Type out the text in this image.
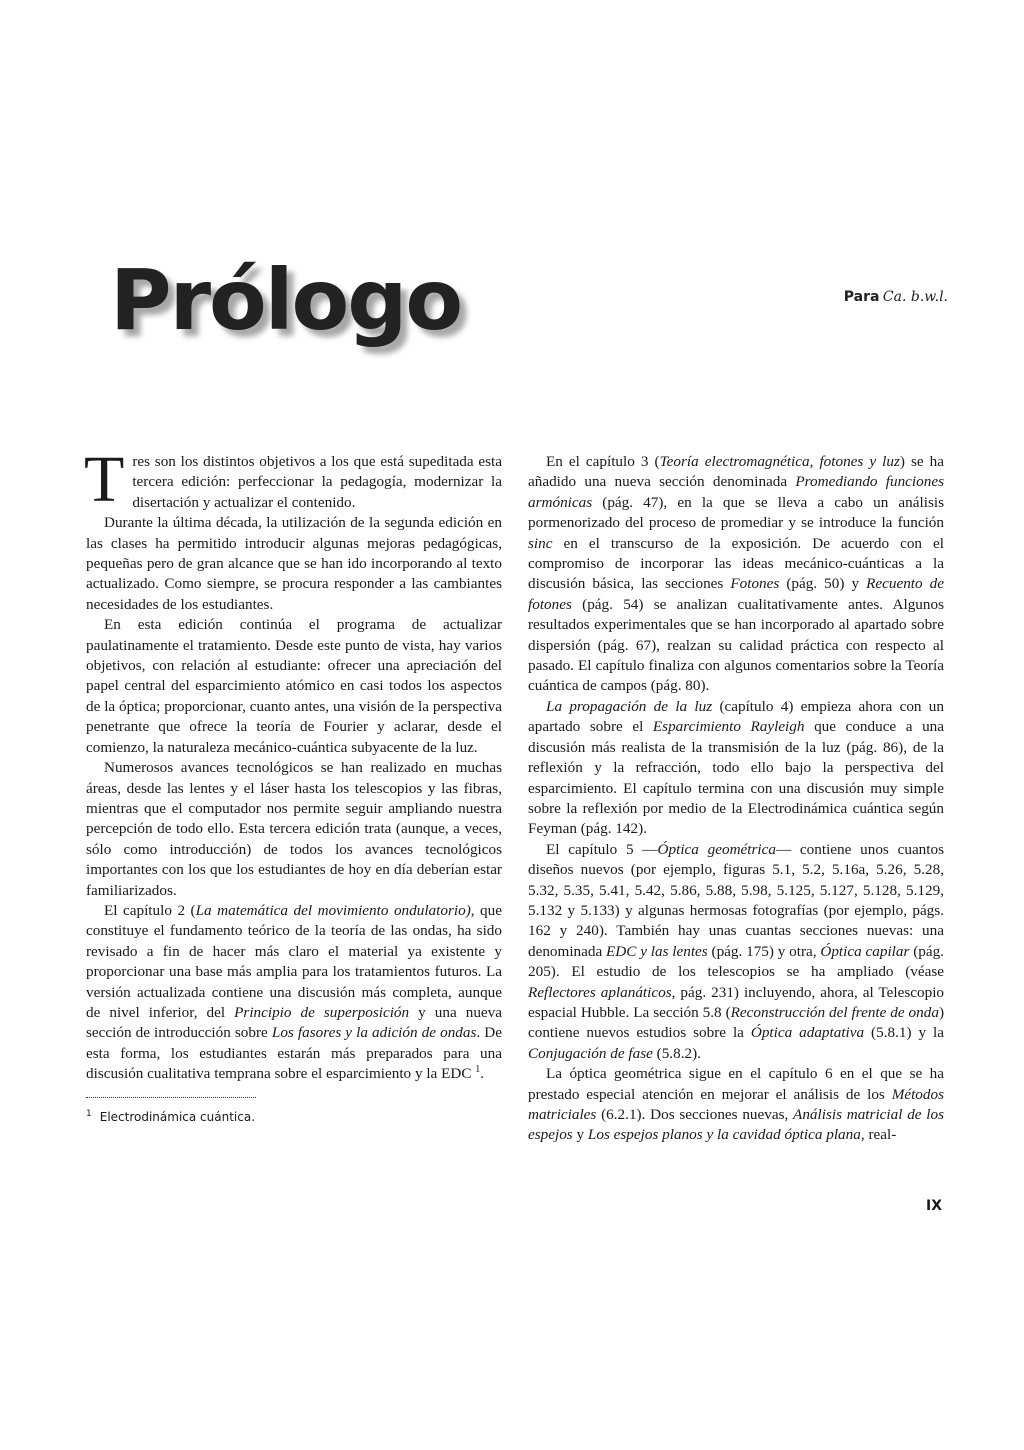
Prólogo	Para Ca. b.w.l.

Tres son los distintos objetivos a los que está supeditada esta tercera edición: perfeccionar la pedagogía, modernizar la disertación y actualizar el contenido.

Durante la última década, la utilización de la segunda edición en las clases ha permitido introducir algunas mejoras pedagógicas, pequeñas pero de gran alcance que se han ido incorporando al texto actualizado. Como siempre, se procura responder a las cambiantes necesidades de los estudiantes.

En esta edición continúa el programa de actualizar paulatinamente el tratamiento. Desde este punto de vista, hay varios objetivos, con relación al estudiante: ofrecer una apreciación del papel central del esparcimiento atómico en casi todos los aspectos de la óptica; proporcionar, cuanto antes, una visión de la perspectiva penetrante que ofrece la teoría de Fourier y aclarar, desde el comienzo, la naturaleza mecánico-cuántica subyacente de la luz.

Numerosos avances tecnológicos se han realizado en muchas áreas, desde las lentes y el láser hasta los telescopios y las fibras, mientras que el computador nos permite seguir ampliando nuestra percepción de todo ello. Esta tercera edición trata (aunque, a veces, sólo como introducción) de todos los avances tecnológicos importantes con los que los estudiantes de hoy en día deberían estar familiarizados.

El capítulo 2 (La matemática del movimiento ondulatorio), que constituye el fundamento teórico de la teoría de las ondas, ha sido revisado a fin de hacer más claro el material ya existente y proporcionar una base más amplia para los tratamientos futuros. La versión actualizada contiene una discusión más completa, aunque de nivel inferior, del Principio de superposición y una nueva sección de introducción sobre Los fasores y la adición de ondas. De esta forma, los estudiantes estarán más preparados para una discusión cualitativa temprana sobre el esparcimiento y la EDC $^1$.

$^1$ Electrodinámica cuántica.

En el capítulo 3 (Teoría electromagnética, fotones y luz) se ha añadido una nueva sección denominada Promediando funciones armónicas (pág. 47), en la que se lleva a cabo un análisis pormenorizado del proceso de promediar y se introduce la función sinc en el transcurso de la exposición. De acuerdo con el compromiso de incorporar las ideas mecánico-cuánticas a la discusión básica, las secciones Fotones (pág. 50) y Recuento de fotones (pág. 54) se analizan cualitativamente antes. Algunos resultados experimentales que se han incorporado al apartado sobre dispersión (pág. 67), realzan su calidad práctica con respecto al pasado. El capítulo finaliza con algunos comentarios sobre la Teoría cuántica de campos (pág. 80).

La propagación de la luz (capítulo 4) empieza ahora con un apartado sobre el Esparcimiento Rayleigh que conduce a una discusión más realista de la transmisión de la luz (pág. 86), de la reflexión y la refracción, todo ello bajo la perspectiva del esparcimiento. El capítulo termina con una discusión muy simple sobre la reflexión por medio de la Electrodinámica cuántica según Feyman (pág. 142).

El capítulo 5 —Óptica geométrica— contiene unos cuantos diseños nuevos (por ejemplo, figuras 5.1, 5.2, 5.16a, 5.26, 5.28, 5.32, 5.35, 5.41, 5.42, 5.86, 5.88, 5.98, 5.125, 5.127, 5.128, 5.129, 5.132 y 5.133) y algunas hermosas fotografías (por ejemplo, págs. 162 y 240). También hay unas cuantas secciones nuevas: una denominada EDC y las lentes (pág. 175) y otra, Óptica capilar (pág. 205). El estudio de los telescopios se ha ampliado (véase Reflectores aplanáticos, pág. 231) incluyendo, ahora, al Telescopio espacial Hubble. La sección 5.8 (Reconstrucción del frente de onda) contiene nuevos estudios sobre la Óptica adaptativa (5.8.1) y la Conjugación de fase (5.8.2).

La óptica geométrica sigue en el capítulo 6 en el que se ha prestado especial atención en mejorar el análisis de los Métodos matriciales (6.2.1). Dos secciones nuevas, Análisis matricial de los espejos y Los espejos planos y la cavidad óptica plana, real-

IX
